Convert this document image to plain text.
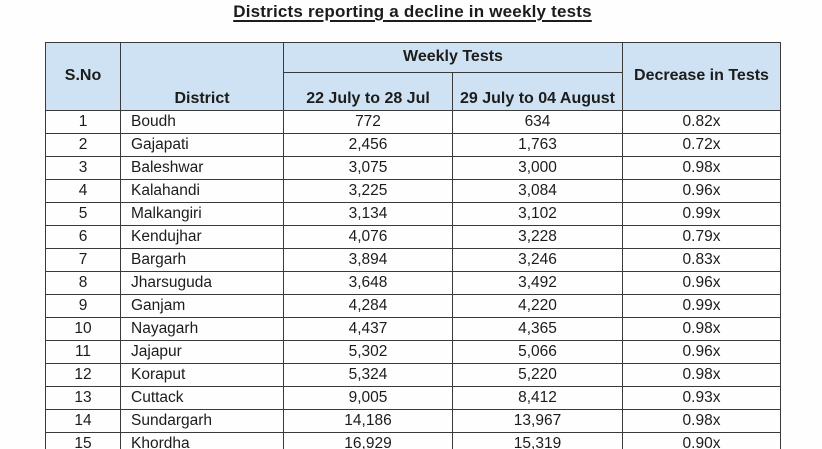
Districts reporting a decline in weekly tests
S.No	District	Weekly Tests		Decrease in Tests
		22 July to 28 Jul	29 July to 04 August	
1	Boudh	772	634	0.82x
2	Gajapati	2,456	1,763	0.72x
3	Baleshwar	3,075	3,000	0.98x
4	Kalahandi	3,225	3,084	0.96x
5	Malkangiri	3,134	3,102	0.99x
6	Kendujhar	4,076	3,228	0.79x
7	Bargarh	3,894	3,246	0.83x
8	Jharsuguda	3,648	3,492	0.96x
9	Ganjam	4,284	4,220	0.99x
10	Nayagarh	4,437	4,365	0.98x
11	Jajapur	5,302	5,066	0.96x
12	Koraput	5,324	5,220	0.98x
13	Cuttack	9,005	8,412	0.93x
14	Sundargarh	14,186	13,967	0.98x
15	Khordha	16,929	15,319	0.90x
